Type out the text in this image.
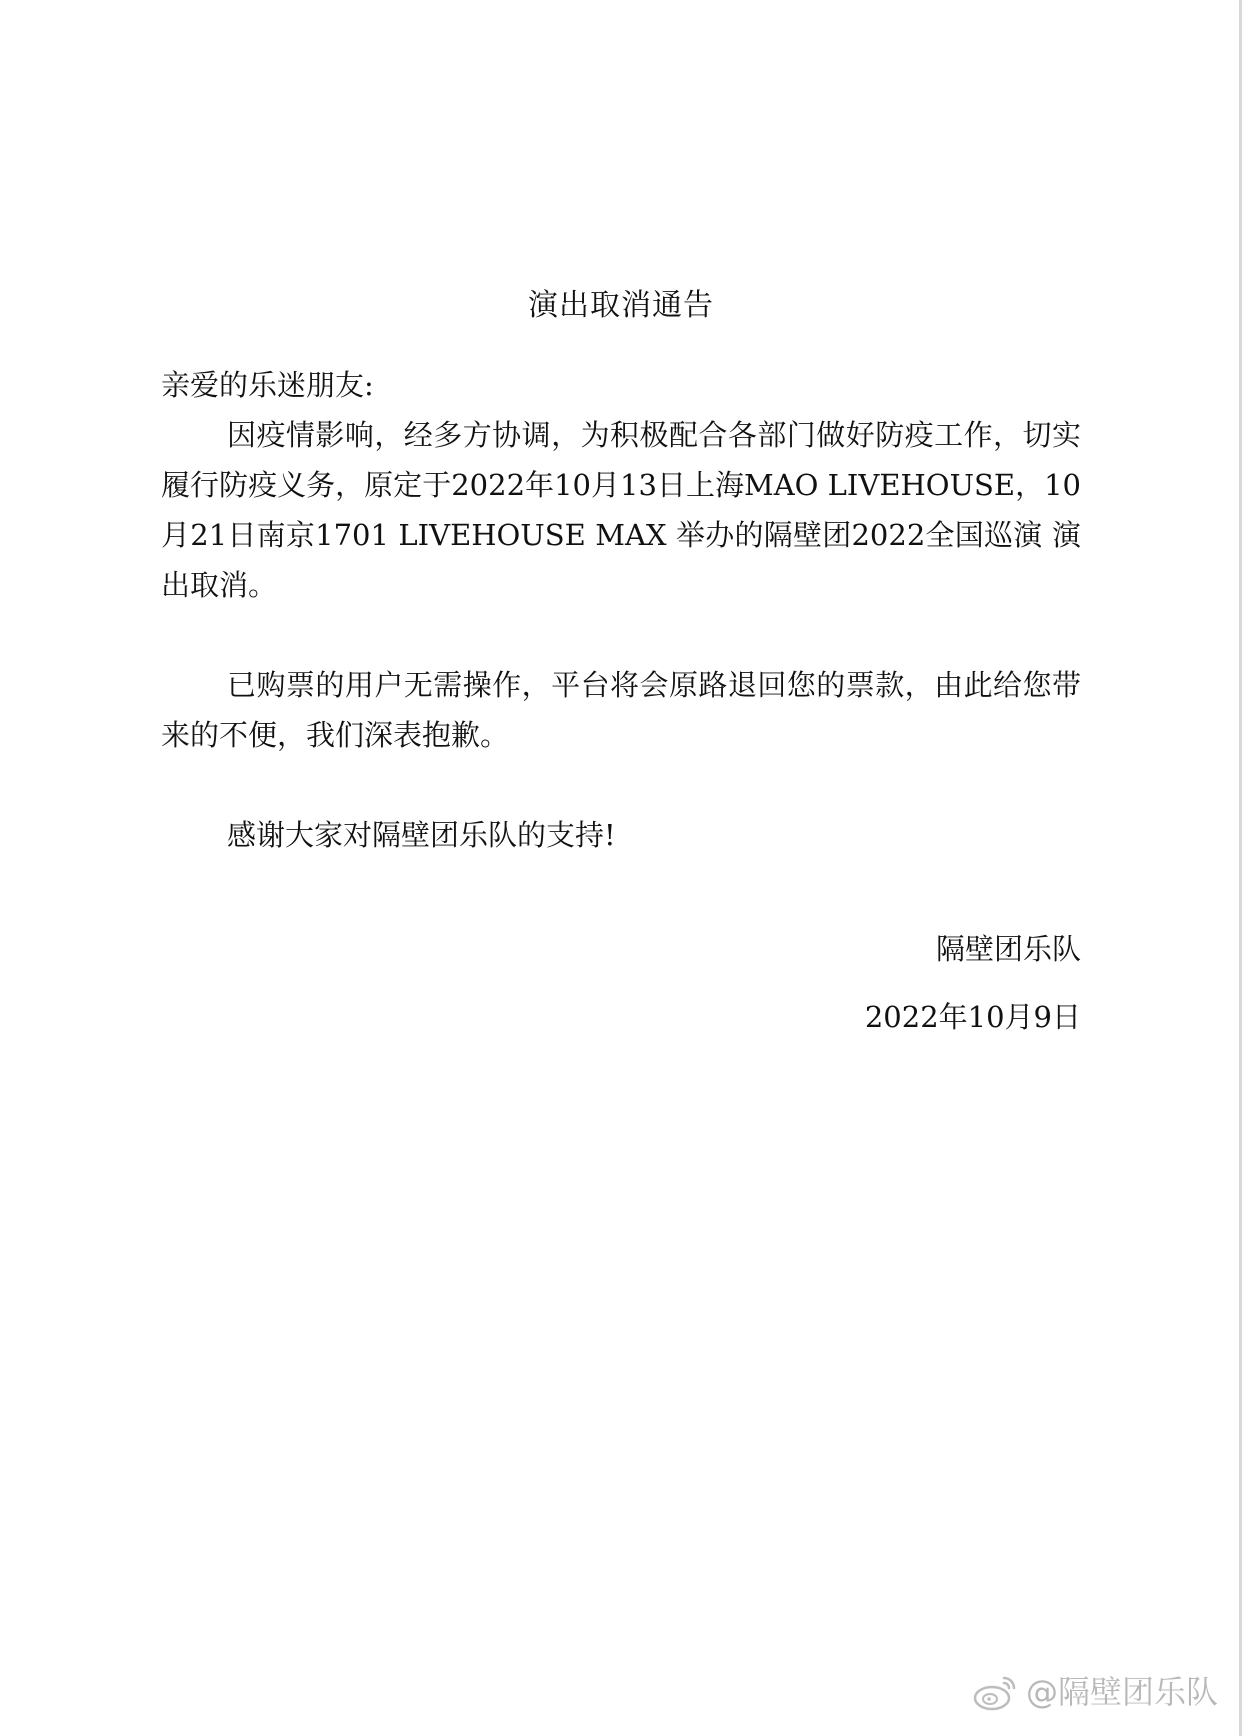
演出取消通告

亲爱的乐迷朋友:

因疫情影响，经多方协调，为积极配合各部门做好防疫工作，切实履行防疫义务，原定于2022年10月13日上海MAO LIVEHOUSE，10月21日南京1701 LIVEHOUSE MAX 举办的隔壁团2022全国巡演 演出取消。

已购票的用户无需操作，平台将会原路退回您的票款，由此给您带来的不便，我们深表抱歉。

感谢大家对隔壁团乐队的支持!

隔壁团乐队

2022年10月9日

@隔壁团乐队
